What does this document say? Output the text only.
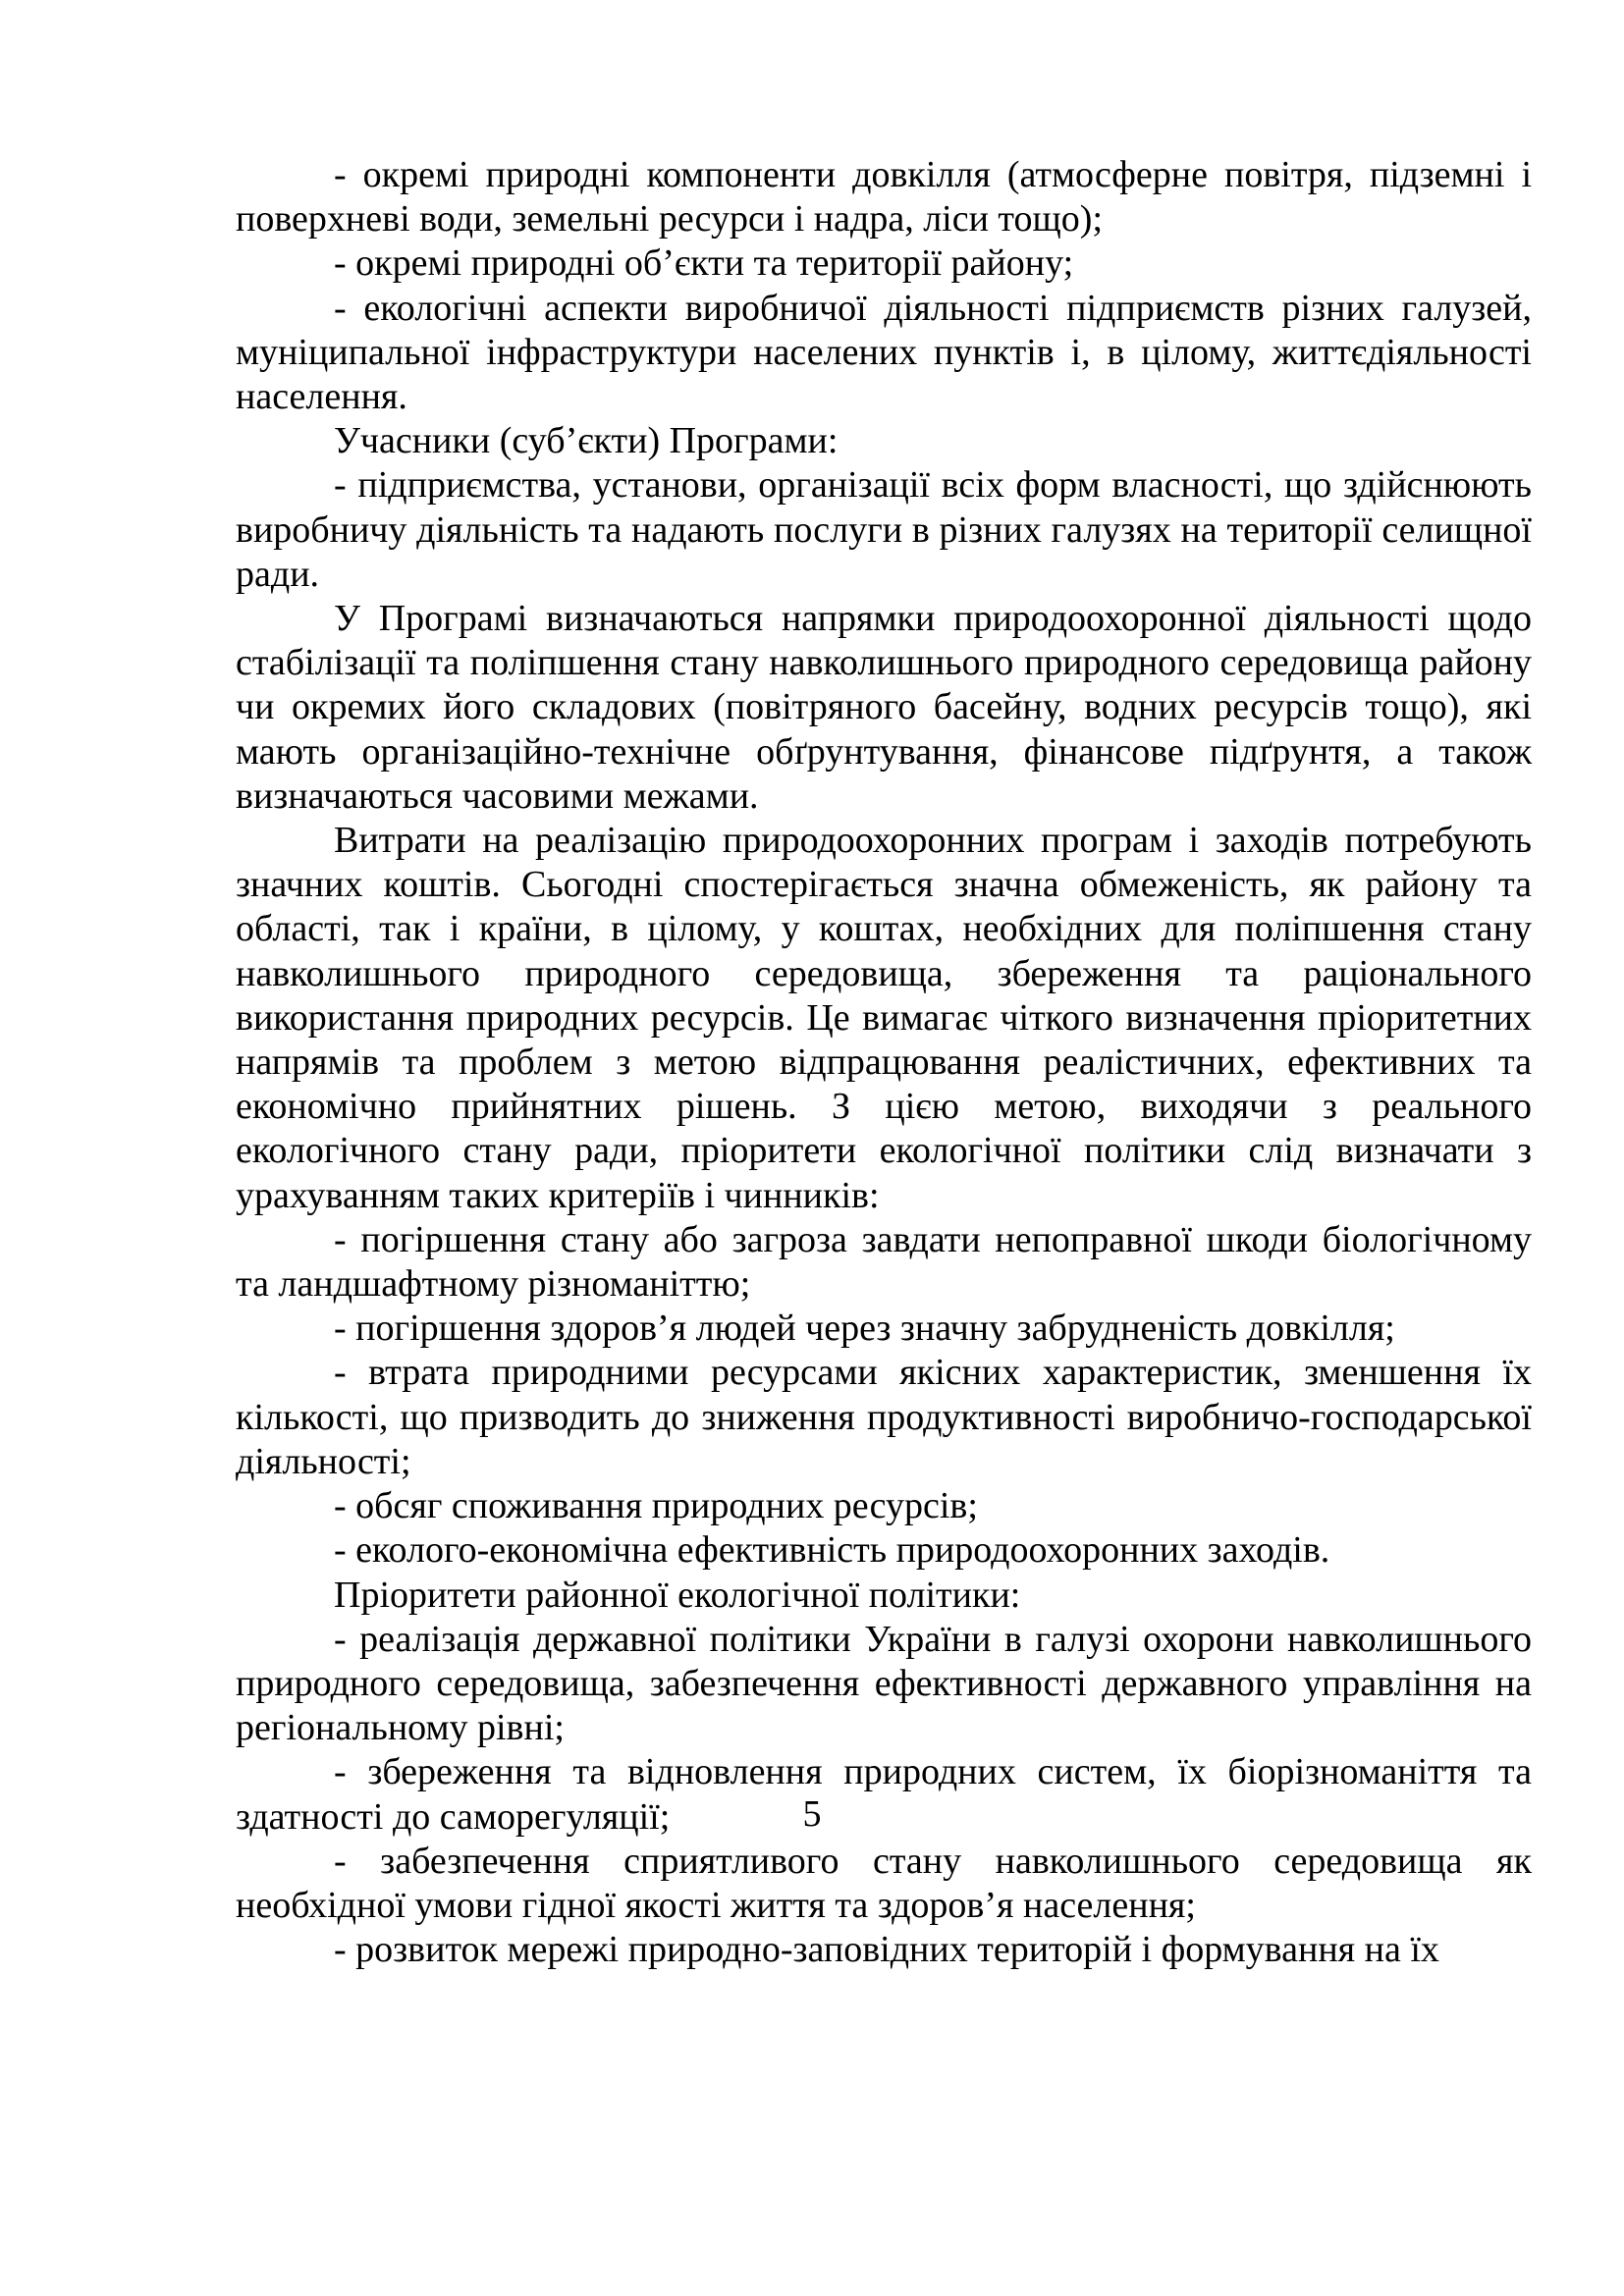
- окремі природні компоненти довкілля (атмосферне повітря, підземні і поверхневі води, земельні ресурси і надра, ліси тощо);

- окремі природні об’єкти та території району;

- екологічні аспекти виробничої діяльності підприємств різних галузей, муніципальної інфраструктури населених пунктів і, в цілому, життєдіяльності населення.

Учасники (суб’єкти) Програми:

- підприємства, установи, організації всіх форм власності, що здійснюють виробничу діяльність та надають послуги в різних галузях на території селищної ради.

У Програмі визначаються напрямки природоохоронної діяльності щодо стабілізації та поліпшення стану навколишнього природного середовища району чи окремих його складових (повітряного басейну, водних ресурсів тощо), які мають організаційно-технічне обґрунтування, фінансове підґрунтя, а також визначаються часовими межами.

Витрати на реалізацію природоохоронних програм і заходів потребують значних коштів. Сьогодні спостерігається значна обмеженість, як району та області, так і країни, в цілому, у коштах, необхідних для поліпшення стану навколишнього природного середовища, збереження та раціонального використання природних ресурсів. Це вимагає чіткого визначення пріоритетних напрямів та проблем з метою відпрацювання реалістичних, ефективних та економічно прийнятних рішень. З цією метою, виходячи з реального екологічного стану ради, пріоритети екологічної політики слід визначати з урахуванням таких критеріїв і чинників:

- погіршення стану або загроза завдати непоправної шкоди біологічному та ландшафтному різноманіттю;

- погіршення здоров’я людей через значну забрудненість довкілля;

- втрата природними ресурсами якісних характеристик, зменшення їх кількості, що призводить до зниження продуктивності виробничо-господарської діяльності;

- обсяг споживання природних ресурсів;

- еколого-економічна ефективність природоохоронних заходів.

Пріоритети районної екологічної політики:

- реалізація державної політики України в галузі охорони навколишнього природного середовища, забезпечення ефективності державного управління на регіональному рівні;

- збереження та відновлення природних систем, їх біорізноманіття та здатності до саморегуляції;

- забезпечення сприятливого стану навколишнього середовища як необхідної умови гідної якості життя та здоров’я населення;

- розвиток мережі природно-заповідних територій і формування на їх

5
